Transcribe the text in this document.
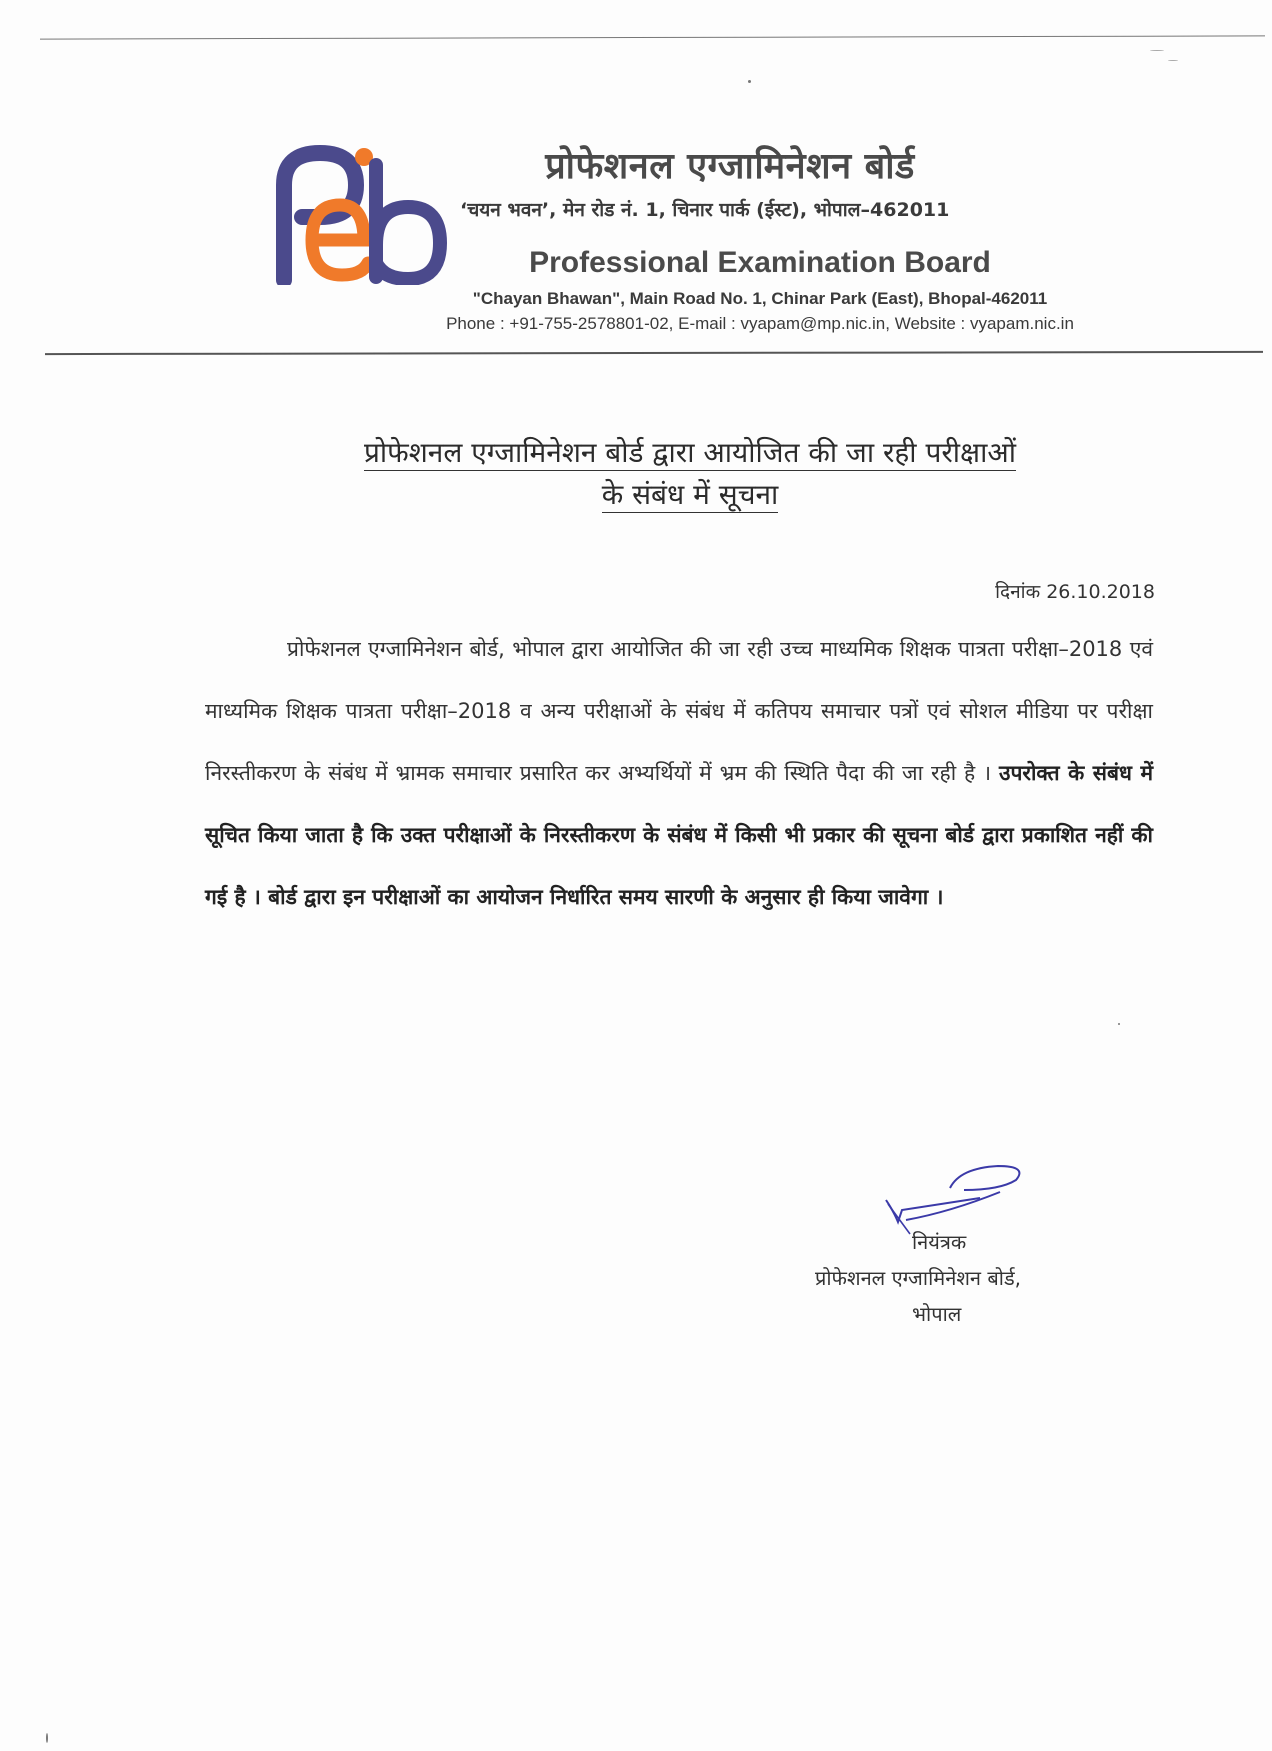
प्रोफेशनल एग्जामिनेशन बोर्ड
‘चयन भवन’, मेन रोड नं. 1, चिनार पार्क (ईस्ट), भोपाल–462011
Professional Examination Board
"Chayan Bhawan", Main Road No. 1, Chinar Park (East), Bhopal-462011
Phone : +91-755-2578801-02, E-mail : vyapam@mp.nic.in, Website : vyapam.nic.in
प्रोफेशनल एग्जामिनेशन बोर्ड द्वारा आयोजित की जा रही परीक्षाओं
के संबंध में सूचना
दिनांक 26.10.2018
प्रोफेशनल एग्जामिनेशन बोर्ड, भोपाल द्वारा आयोजित की जा रही उच्च माध्यमिक शिक्षक पात्रता परीक्षा–2018 एवं माध्यमिक शिक्षक पात्रता परीक्षा–2018 व अन्य परीक्षाओं के संबंध में कतिपय समाचार पत्रों एवं सोशल मीडिया पर परीक्षा निरस्तीकरण के संबंध में भ्रामक समाचार प्रसारित कर अभ्यर्थियों में भ्रम की स्थिति पैदा की जा रही है । उपरोक्त के संबंध में सूचित किया जाता है कि उक्त परीक्षाओं के निरस्तीकरण के संबंध में किसी भी प्रकार की सूचना बोर्ड द्वारा प्रकाशित नहीं की गई है । बोर्ड द्वारा इन परीक्षाओं का आयोजन निर्धारित समय सारणी के अनुसार ही किया जावेगा ।
नियंत्रक
प्रोफेशनल एग्जामिनेशन बोर्ड,
भोपाल
